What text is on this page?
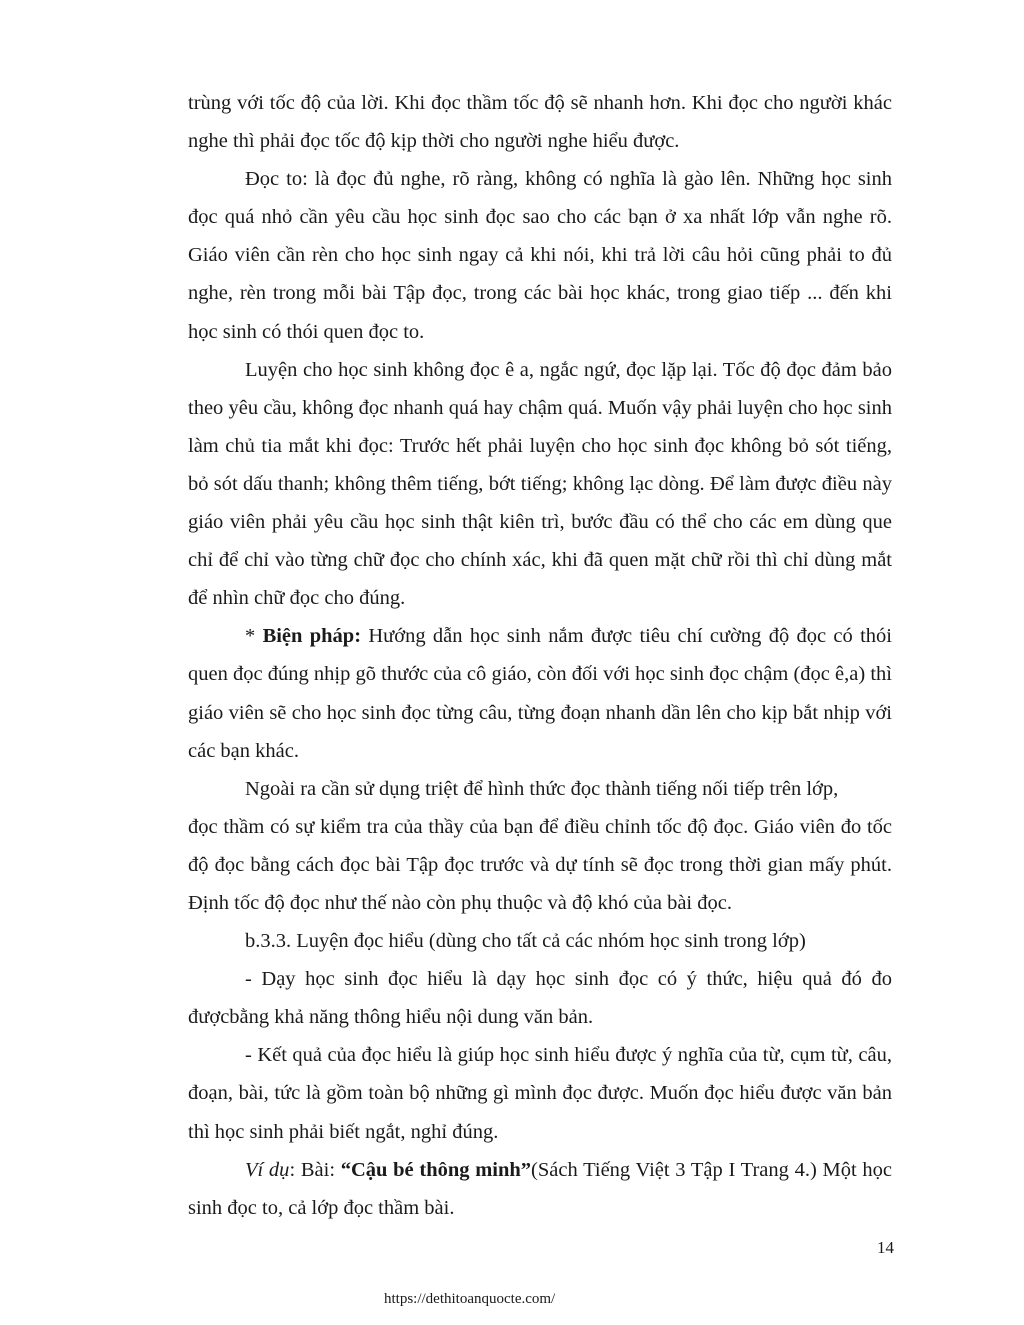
trùng với tốc độ của lời. Khi đọc thầm tốc độ sẽ nhanh hơn. Khi đọc cho người khác nghe thì phải đọc tốc độ kịp thời cho người nghe hiểu được.

Đọc to: là đọc đủ nghe, rõ ràng, không có nghĩa là gào lên. Những học sinh đọc quá nhỏ cần yêu cầu học sinh đọc sao cho các bạn ở xa nhất lớp vẫn nghe rõ. Giáo viên cần rèn cho học sinh ngay cả khi nói, khi trả lời câu hỏi cũng phải to đủ nghe, rèn trong mỗi bài Tập đọc, trong các bài học khác, trong giao tiếp ... đến khi học sinh có thói quen đọc to.

Luyện cho học sinh không đọc ê a, ngắc ngứ, đọc lặp lại. Tốc độ đọc đảm bảo theo yêu cầu, không đọc nhanh quá hay chậm quá. Muốn vậy phải luyện cho học sinh làm chủ tia mắt khi đọc: Trước hết phải luyện cho học sinh đọc không bỏ sót tiếng, bỏ sót dấu thanh; không thêm tiếng, bớt tiếng; không lạc dòng. Để làm được điều này giáo viên phải yêu cầu học sinh thật kiên trì, bước đầu có thể cho các em dùng que chỉ để chỉ vào từng chữ đọc cho chính xác, khi đã quen mặt chữ rồi thì chỉ dùng mắt để nhìn chữ đọc cho đúng.

* Biện pháp: Hướng dẫn học sinh nắm được tiêu chí cường độ đọc có thói quen đọc đúng nhịp gõ thước của cô giáo, còn đối với học sinh đọc chậm (đọc ê,a) thì giáo viên sẽ cho học sinh đọc từng câu, từng đoạn nhanh dần lên cho kịp bắt nhịp với các bạn khác.

Ngoài ra cần sử dụng triệt để hình thức đọc thành tiếng nối tiếp trên lớp,
đọc thầm có sự kiểm tra của thầy của bạn để điều chỉnh tốc độ đọc. Giáo viên đo tốc độ đọc bằng cách đọc bài Tập đọc trước và dự tính sẽ đọc trong thời gian mấy phút. Định tốc độ đọc như thế nào còn phụ thuộc và độ khó của bài đọc.

b.3.3. Luyện đọc hiểu (dùng cho tất cả các nhóm học sinh trong lớp)

- Dạy học sinh đọc hiểu là dạy học sinh đọc có ý thức, hiệu quả đó đo đượcbằng khả năng thông hiểu nội dung văn bản.

- Kết quả của đọc hiểu là giúp học sinh hiểu được ý nghĩa của từ, cụm từ, câu, đoạn, bài, tức là gồm toàn bộ những gì mình đọc được. Muốn đọc hiểu được văn bản thì học sinh phải biết ngắt, nghỉ đúng.

Ví dụ: Bài: “Cậu bé thông minh”(Sách Tiếng Việt 3 Tập I Trang 4.) Một học sinh đọc to, cả lớp đọc thầm bài.

14
https://dethitoanquocte.com/
